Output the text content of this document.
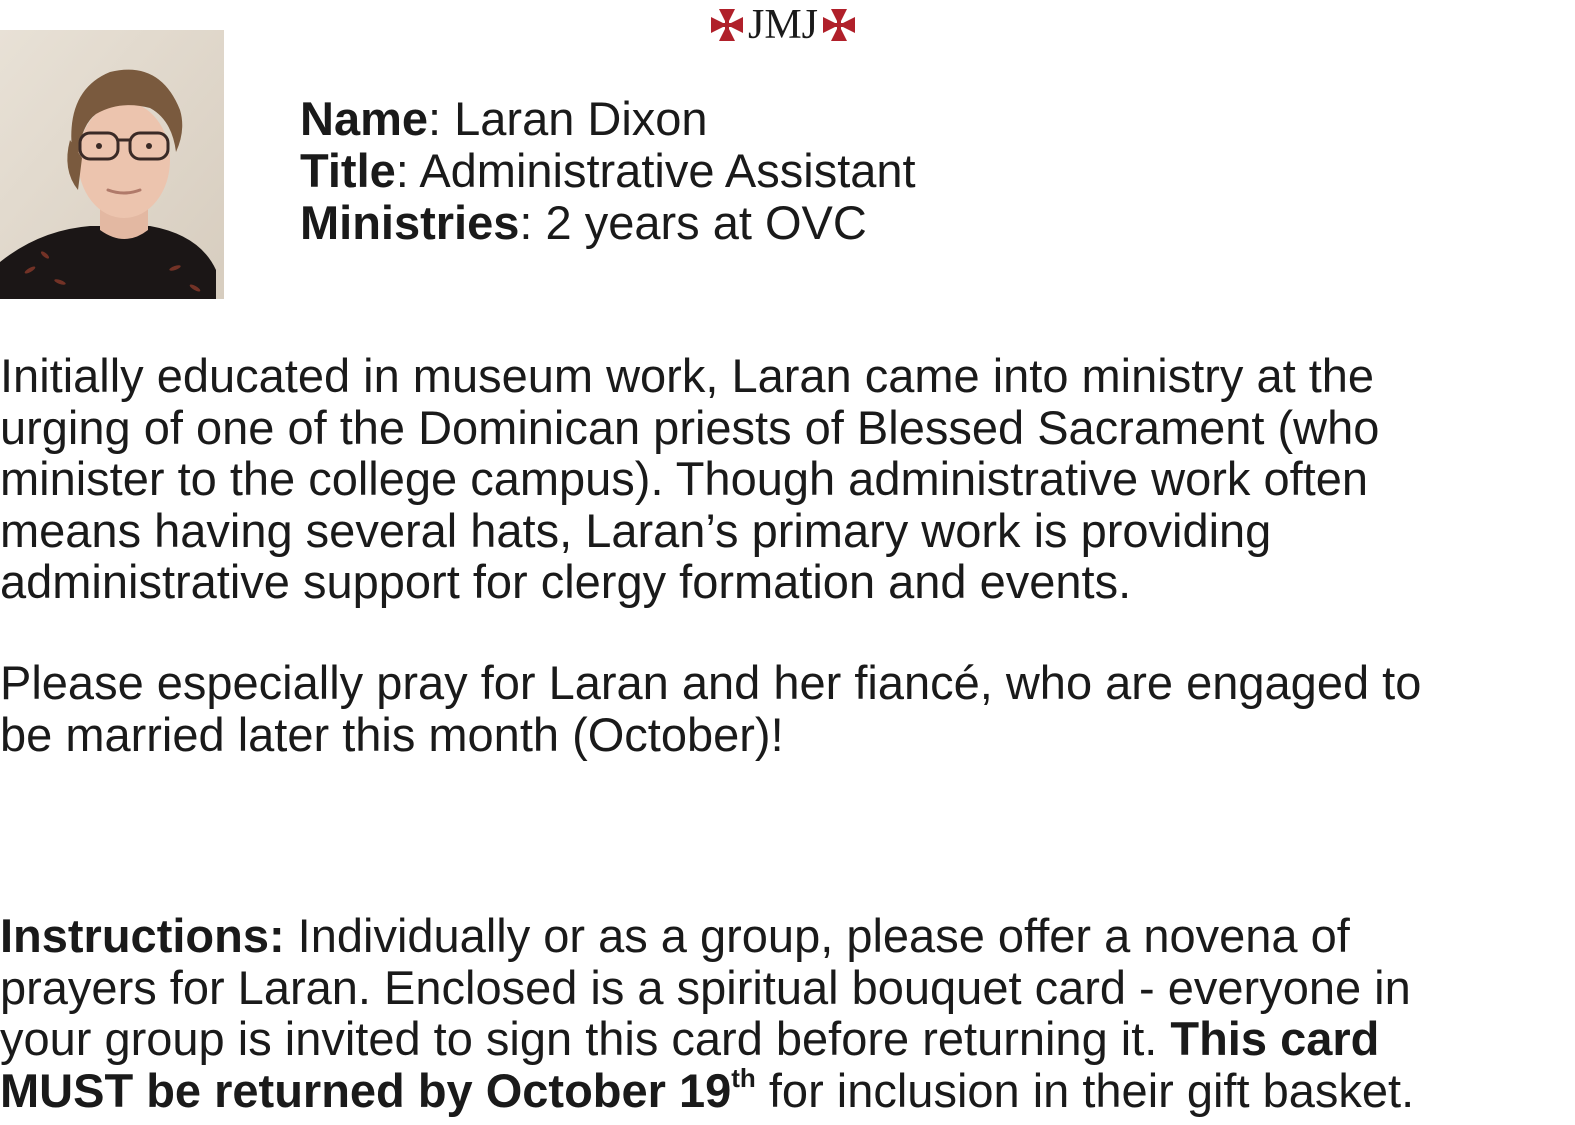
JMJ
Name: Laran Dixon
Title: Administrative Assistant
Ministries: 2 years at OVC
Initially educated in museum work, Laran came into ministry at the
urging of one of the Dominican priests of Blessed Sacrament (who
minister to the college campus). Though administrative work often
means having several hats, Laran’s primary work is providing
administrative support for clergy formation and events.
Please especially pray for Laran and her fiancé, who are engaged to
be married later this month (October)!
Instructions: Individually or as a group, please offer a novena of
prayers for Laran. Enclosed is a spiritual bouquet card - everyone in
your group is invited to sign this card before returning it. This card
MUST be returned by October 19th for inclusion in their gift basket.
